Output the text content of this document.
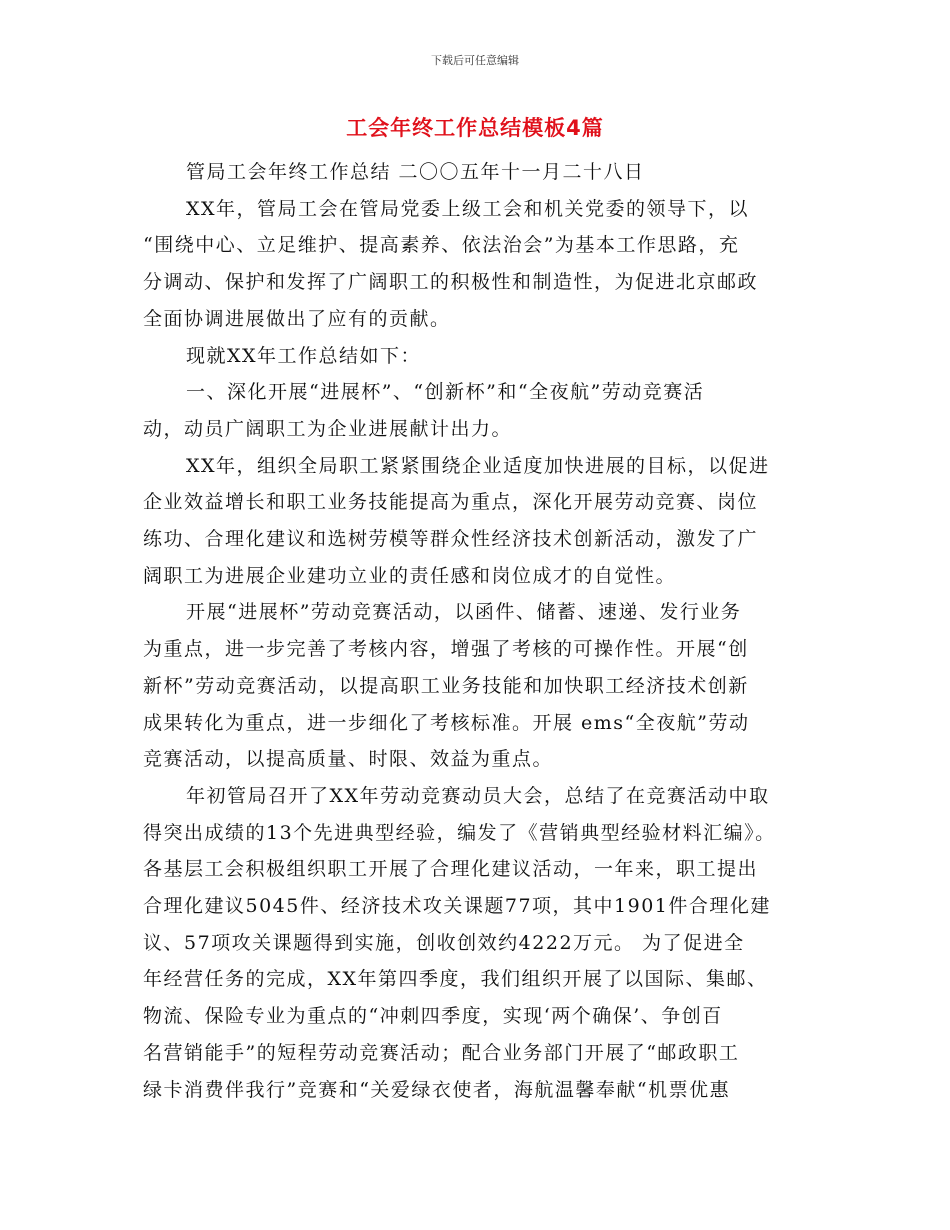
下载后可任意编辑
工会年终工作总结模板4篇
管局工会年终工作总结 二〇〇五年十一月二十八日
XX年，管局工会在管局党委上级工会和机关党委的领导下，以
“围绕中心、立足维护、提高素养、依法治会”为基本工作思路，充
分调动、保护和发挥了广阔职工的积极性和制造性，为促进北京邮政
全面协调进展做出了应有的贡献。
现就XX年工作总结如下：
一、深化开展“进展杯”、“创新杯”和“全夜航”劳动竞赛活
动，动员广阔职工为企业进展献计出力。
XX年，组织全局职工紧紧围绕企业适度加快进展的目标，以促进
企业效益增长和职工业务技能提高为重点，深化开展劳动竞赛、岗位
练功、合理化建议和选树劳模等群众性经济技术创新活动，激发了广
阔职工为进展企业建功立业的责任感和岗位成才的自觉性。
开展“进展杯”劳动竞赛活动，以函件、储蓄、速递、发行业务
为重点，进一步完善了考核内容，增强了考核的可操作性。开展“创
新杯”劳动竞赛活动，以提高职工业务技能和加快职工经济技术创新
成果转化为重点，进一步细化了考核标准。开展 ems“全夜航”劳动
竞赛活动，以提高质量、时限、效益为重点。
年初管局召开了XX年劳动竞赛动员大会，总结了在竞赛活动中取
得突出成绩的13个先进典型经验，编发了《营销典型经验材料汇编》。
各基层工会积极组织职工开展了合理化建议活动，一年来，职工提出
合理化建议5045件、经济技术攻关课题77项，其中1901件合理化建
议、57项攻关课题得到实施，创收创效约4222万元。 为了促进全
年经营任务的完成，XX年第四季度，我们组织开展了以国际、集邮、
物流、保险专业为重点的“冲刺四季度，实现‘两个确保’、争创百
名营销能手”的短程劳动竞赛活动；配合业务部门开展了“邮政职工
绿卡消费伴我行”竞赛和“关爱绿衣使者，海航温馨奉献“机票优惠
